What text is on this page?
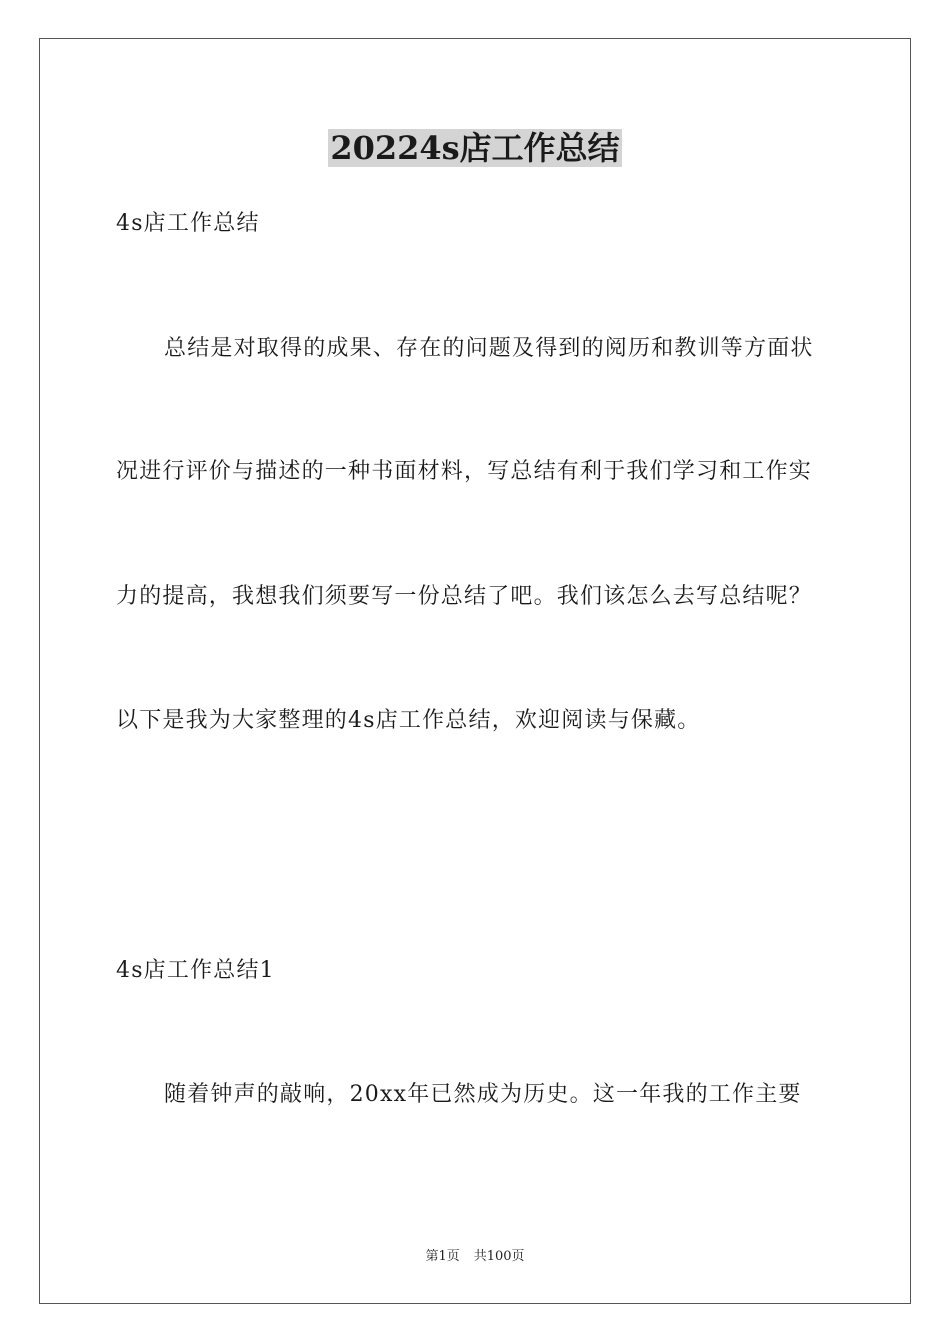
20224s店工作总结
4s店工作总结
总结是对取得的成果、存在的问题及得到的阅历和教训等方面状
况进行评价与描述的一种书面材料，写总结有利于我们学习和工作实
力的提高，我想我们须要写一份总结了吧。我们该怎么去写总结呢？
以下是我为大家整理的4s店工作总结，欢迎阅读与保藏。
4s店工作总结1
随着钟声的敲响，20xx年已然成为历史。这一年我的工作主要
第1页 共100页
